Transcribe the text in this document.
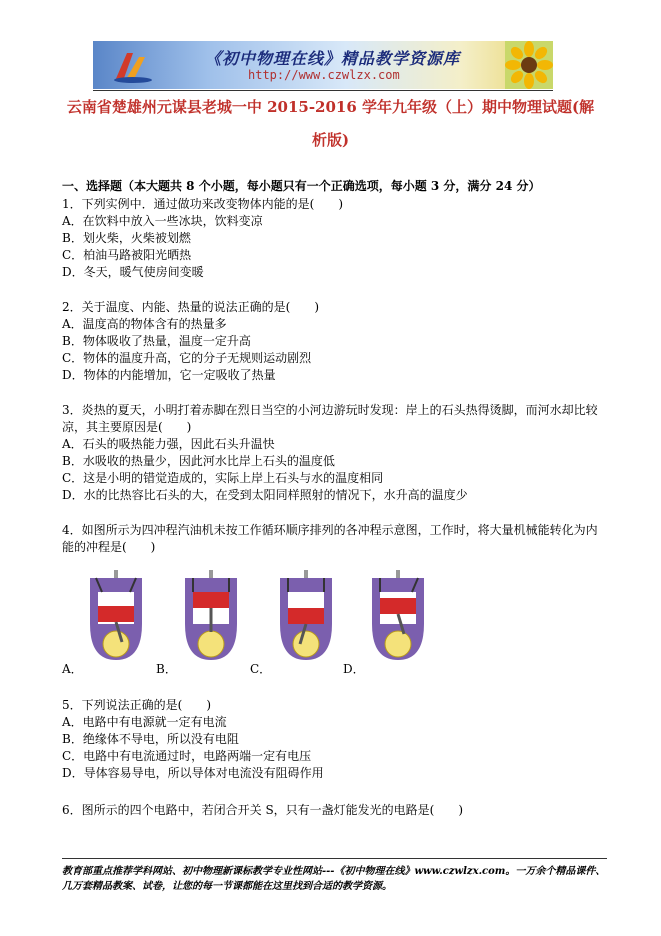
《初中物理在线》精品教学资源库
http://www.czwlzx.com
云南省楚雄州元谋县老城一中 2015-2016 学年九年级（上）期中物理试题(解
析版)
一、选择题（本大题共 8 个小题，每小题只有一个正确选项，每小题 3 分，满分 24 分）
1．下列实例中．通过做功来改变物体内能的是(　　)
A．在饮料中放入一些冰块，饮料变凉
B．划火柴，火柴被划燃
C．柏油马路被阳光晒热
D．冬天，暖气使房间变暖
2．关于温度、内能、热量的说法正确的是(　　)
A．温度高的物体含有的热量多
B．物体吸收了热量，温度一定升高
C．物体的温度升高，它的分子无规则运动剧烈
D．物体的内能增加，它一定吸收了热量
3．炎热的夏天，小明打着赤脚在烈日当空的小河边游玩时发现：岸上的石头热得烫脚，而河水却比较
凉，其主要原因是(　　)
A．石头的吸热能力强，因此石头升温快
B．水吸收的热量少，因此河水比岸上石头的温度低
C．这是小明的错觉造成的，实际上岸上石头与水的温度相同
D．水的比热容比石头的大，在受到太阳同样照射的情况下，水升高的温度少
4．如图所示为四冲程汽油机未按工作循环顺序排列的各冲程示意图，工作时，将大量机械能转化为内
能的冲程是(　　)
A．	B．	C．	D．
5．下列说法正确的是(　　)
A．电路中有电源就一定有电流
B．绝缘体不导电，所以没有电阻
C．电路中有电流通过时，电路两端一定有电压
D．导体容易导电，所以导体对电流没有阻碍作用
6．图所示的四个电路中，若闭合开关 S，只有一盏灯能发光的电路是(　　)
教育部重点推荐学科网站、初中物理新课标教学专业性网站---《初中物理在线》www.czwlzx.com。一万余个精品课件、
几万套精品教案、试卷，让您的每一节课都能在这里找到合适的教学资源。
